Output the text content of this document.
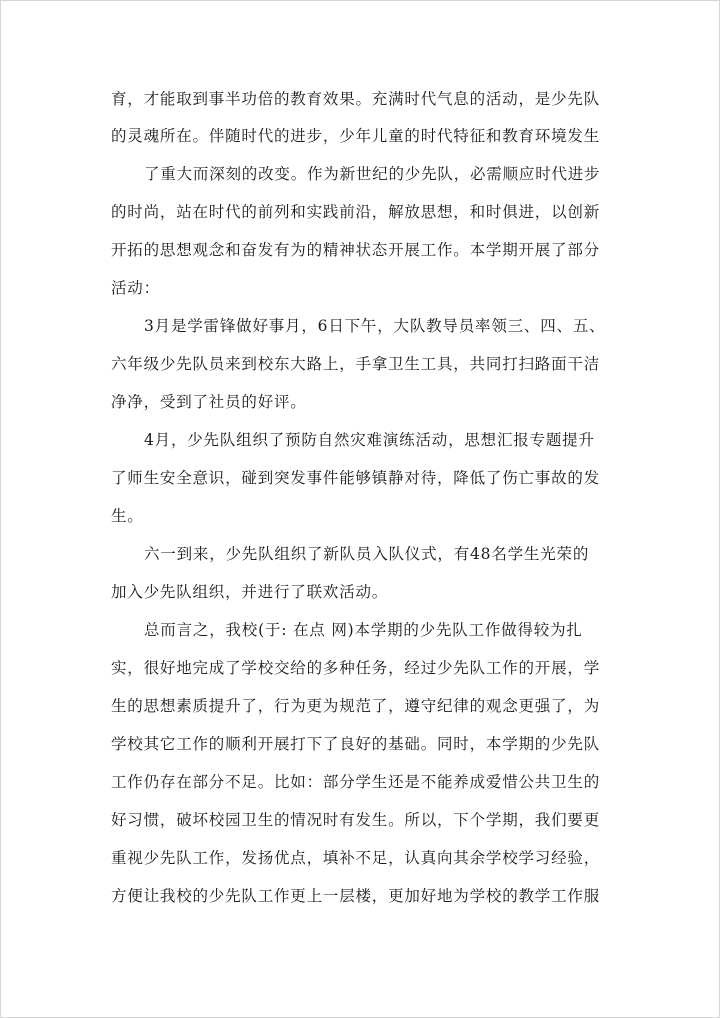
育，才能取到事半功倍的教育效果。充满时代气息的活动，是少先队
的灵魂所在。伴随时代的进步，少年儿童的时代特征和教育环境发生
了重大而深刻的改变。作为新世纪的少先队，必需顺应时代进步
的时尚，站在时代的前列和实践前沿，解放思想，和时俱进，以创新
开拓的思想观念和奋发有为的精神状态开展工作。本学期开展了部分
活动：
3月是学雷锋做好事月，6日下午，大队教导员率领三、四、五、
六年级少先队员来到校东大路上，手拿卫生工具，共同打扫路面干洁
净净，受到了社员的好评。
4月，少先队组织了预防自然灾难演练活动，思想汇报专题提升
了师生安全意识，碰到突发事件能够镇静对待，降低了伤亡事故的发
生。
六一到来，少先队组织了新队员入队仪式，有48名学生光荣的
加入少先队组织，并进行了联欢活动。
总而言之，我校(于: 在点 网)本学期的少先队工作做得较为扎
实，很好地完成了学校交给的多种任务，经过少先队工作的开展，学
生的思想素质提升了，行为更为规范了，遵守纪律的观念更强了，为
学校其它工作的顺利开展打下了良好的基础。同时，本学期的少先队
工作仍存在部分不足。比如：部分学生还是不能养成爱惜公共卫生的
好习惯，破坏校园卫生的情况时有发生。所以，下个学期，我们要更
重视少先队工作，发扬优点，填补不足，认真向其余学校学习经验，
方便让我校的少先队工作更上一层楼，更加好地为学校的教学工作服
